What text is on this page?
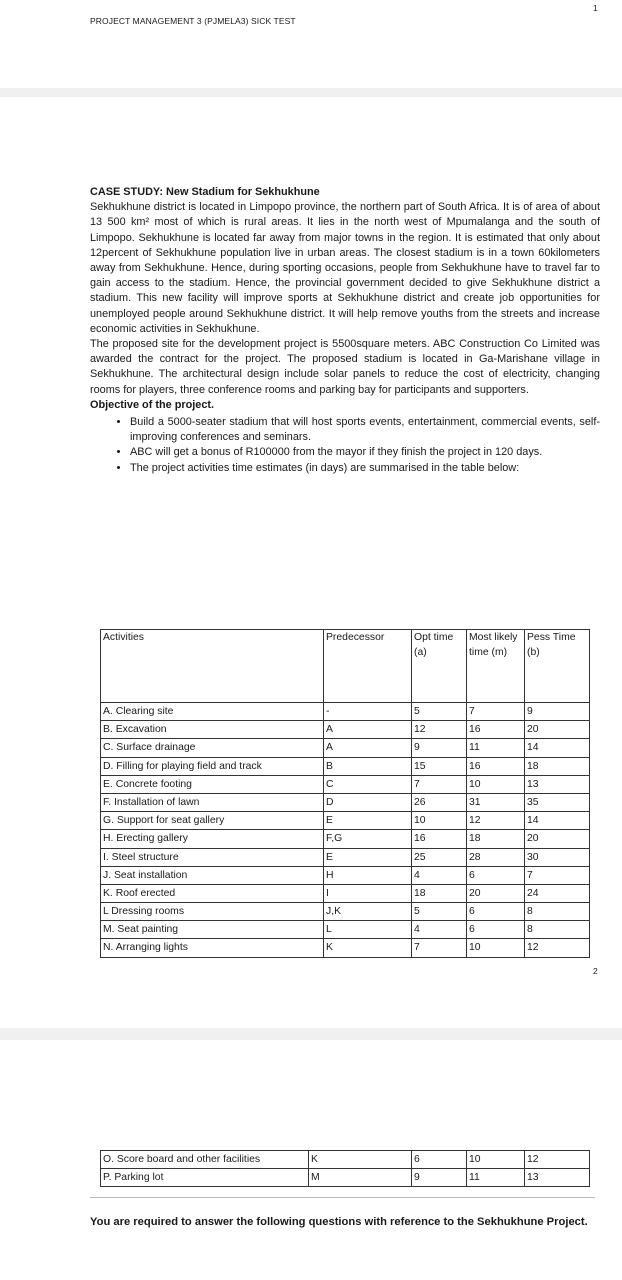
PROJECT MANAGEMENT 3 (PJMELA3) SICK TEST
1
CASE STUDY: New Stadium for Sekhukhune
Sekhukhune district is located in Limpopo province, the northern part of South Africa. It is of area of about 13 500 km² most of which is rural areas. It lies in the north west of Mpumalanga and the south of Limpopo. Sekhukhune is located far away from major towns in the region. It is estimated that only about 12percent of Sekhukhune population live in urban areas. The closest stadium is in a town 60kilometers away from Sekhukhune. Hence, during sporting occasions, people from Sekhukhune have to travel far to gain access to the stadium. Hence, the provincial government decided to give Sekhukhune district a stadium. This new facility will improve sports at Sekhukhune district and create job opportunities for unemployed people around Sekhukhune district. It will help remove youths from the streets and increase economic activities in Sekhukhune.
The proposed site for the development project is 5500square meters. ABC Construction Co Limited was awarded the contract for the project. The proposed stadium is located in Ga-Marishane village in Sekhukhune. The architectural design include solar panels to reduce the cost of electricity, changing rooms for players, three conference rooms and parking bay for participants and supporters.
Objective of the project.
• Build a 5000-seater stadium that will host sports events, entertainment, commercial events, self-improving conferences and seminars.
• ABC will get a bonus of R100000 from the mayor if they finish the project in 120 days.
• The project activities time estimates (in days) are summarised in the table below:
Activities	Predecessor	Opt time (a)	Most likely time (m)	Pess Time (b)
A. Clearing site	-	5	7	9
B. Excavation	A	12	16	20
C. Surface drainage	A	9	11	14
D. Filling for playing field and track	B	15	16	18
E. Concrete footing	C	7	10	13
F. Installation of lawn	D	26	31	35
G. Support for seat gallery	E	10	12	14
H. Erecting gallery	F,G	16	18	20
I. Steel structure	E	25	28	30
J. Seat installation	H	4	6	7
K. Roof erected	I	18	20	24
L Dressing rooms	J,K	5	6	8
M. Seat painting	L	4	6	8
N. Arranging lights	K	7	10	12
2
O. Score board and other facilities	K	6	10	12
P. Parking lot	M	9	11	13
You are required to answer the following questions with reference to the Sekhukhune Project.
